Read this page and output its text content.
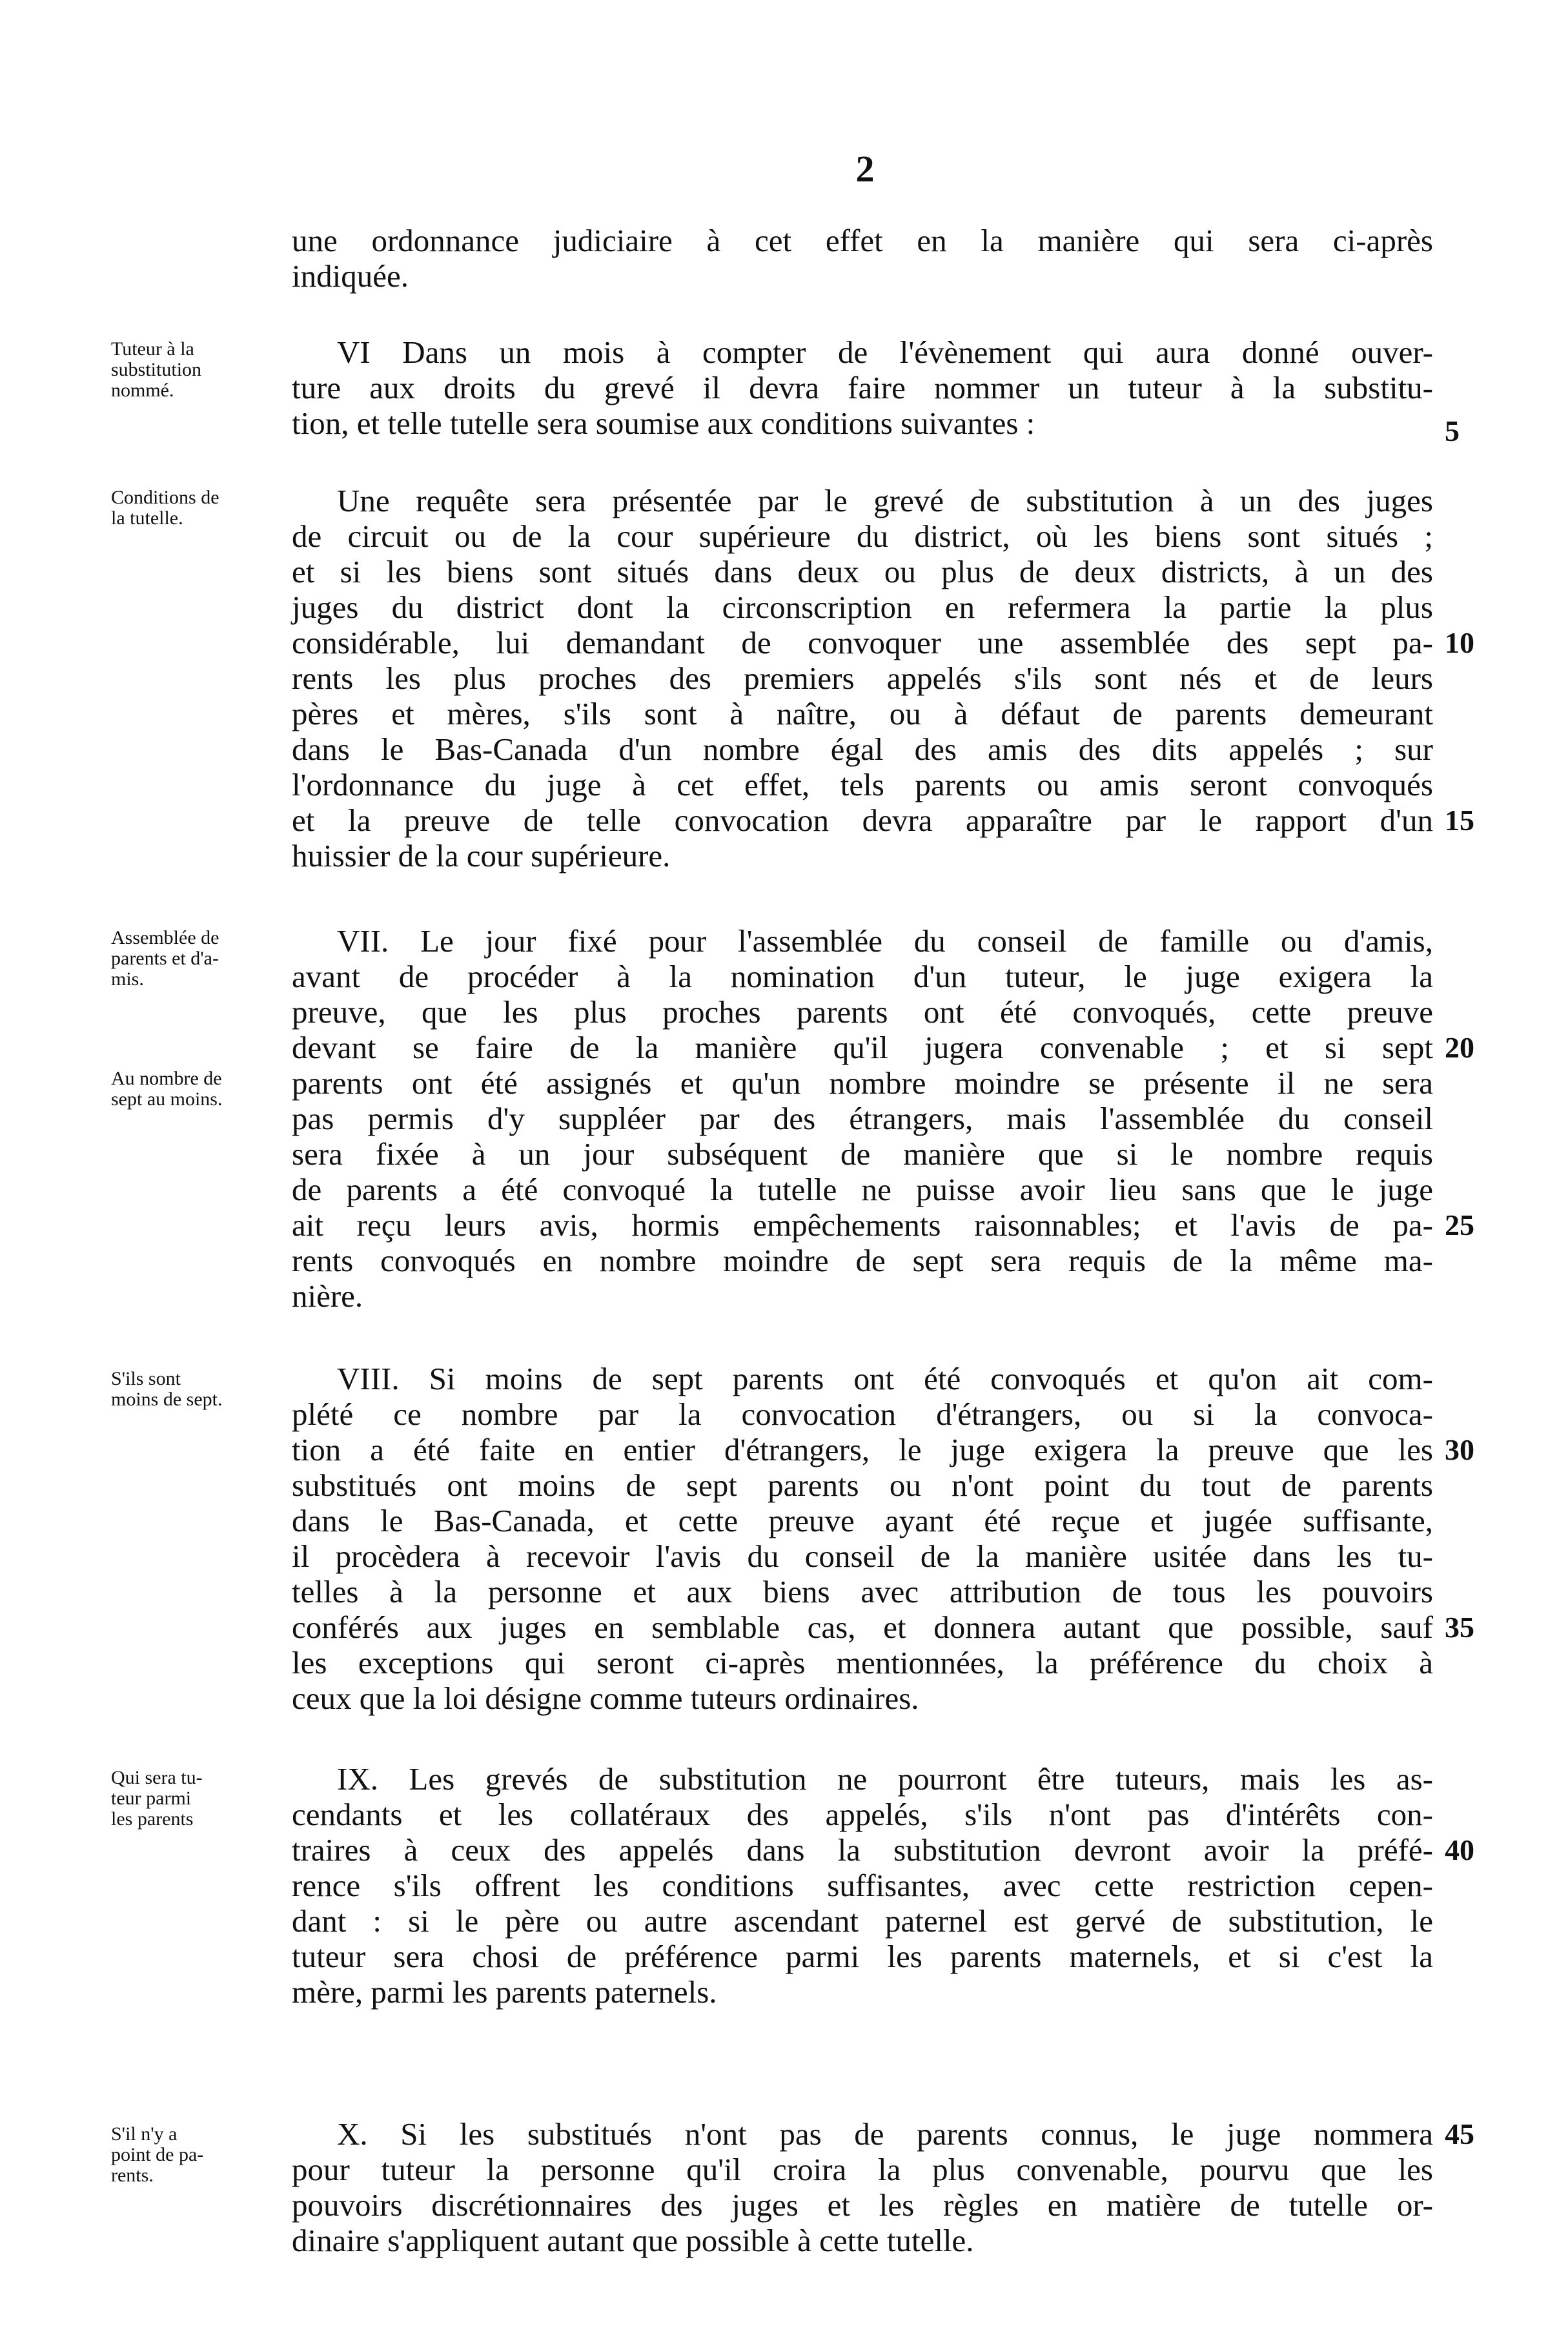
2

une ordonnance judiciaire à cet effet en la manière qui sera ci-après
indiquée.

Tuteur à la
substitution
nommé.

VI Dans un mois à compter de l'évènement qui aura donné ouver-
ture aux droits du grevé il devra faire nommer un tuteur à la substitu-
tion, et telle tutelle sera soumise aux conditions suivantes :	5

Conditions de
la tutelle.	Une requête sera présentée par le grevé de substitution à un des juges
de circuit ou de la cour supérieure du district, où les biens sont situés ;
et si les biens sont situés dans deux ou plus de deux districts, à un des
juges du district dont la circonscription en refermera la partie la plus
considérable, lui demandant de convoquer une assemblée des sept pa-
rents les plus proches des premiers appelés s'ils sont nés et de leurs
pères et mères, s'ils sont à naître, ou à défaut de parents demeurant
dans le Bas-Canada d'un nombre égal des amis des dits appelés ; sur
l'ordonnance du juge à cet effet, tels parents ou amis seront convoqués
et la preuve de telle convocation devra apparaître par le rapport d'un
huissier de la cour supérieure.

10
15

Assemblée de
parents et d'a-
mis.

Au nombre de
sept au moins.

VII. Le jour fixé pour l'assemblée du conseil de famille ou d'amis,
avant de procéder à la nomination d'un tuteur, le juge exigera la
preuve, que les plus proches parents ont été convoqués, cette preuve
devant se faire de la manière qu'il jugera convenable ; et si sept
parents ont été assignés et qu'un nombre moindre se présente il ne sera
pas permis d'y suppléer par des étrangers, mais l'assemblée du conseil
sera fixée à un jour subséquent de manière que si le nombre requis
de parents a été convoqué la tutelle ne puisse avoir lieu sans que le juge
ait reçu leurs avis, hormis empêchements raisonnables; et l'avis de pa-
rents convoqués en nombre moindre de sept sera requis de la même ma-
nière.

20
25

S'ils sont
moins de sept.

VIII. Si moins de sept parents ont été convoqués et qu'on ait com-
plété ce nombre par la convocation d'étrangers, ou si la convoca-
tion a été faite en entier d'étrangers, le juge exigera la preuve que les
substitués ont moins de sept parents ou n'ont point du tout de parents
dans le Bas-Canada, et cette preuve ayant été reçue et jugée suffisante,
il procèdera à recevoir l'avis du conseil de la manière usitée dans les tu-
telles à la personne et aux biens avec attribution de tous les pouvoirs
conférés aux juges en semblable cas, et donnera autant que possible, sauf
les exceptions qui seront ci-après mentionnées, la préférence du choix à
ceux que la loi désigne comme tuteurs ordinaires.

30
35

Qui sera tu-
teur parmi
les parents

IX. Les grevés de substitution ne pourront être tuteurs, mais les as-
cendants et les collatéraux des appelés, s'ils n'ont pas d'intérêts con-
traires à ceux des appelés dans la substitution devront avoir la préfé-
rence s'ils offrent les conditions suffisantes, avec cette restriction cepen-
dant : si le père ou autre ascendant paternel est gervé de substitution, le
tuteur sera chosi de préférence parmi les parents maternels, et si c'est la
mère, parmi les parents paternels.

40

S'il n'y a
point de pa-
rents.

X. Si les substitués n'ont pas de parents connus, le juge nommera
pour tuteur la personne qu'il croira la plus convenable, pourvu que les
pouvoirs discrétionnaires des juges et les règles en matière de tutelle or-
dinaire s'appliquent autant que possible à cette tutelle.

45
